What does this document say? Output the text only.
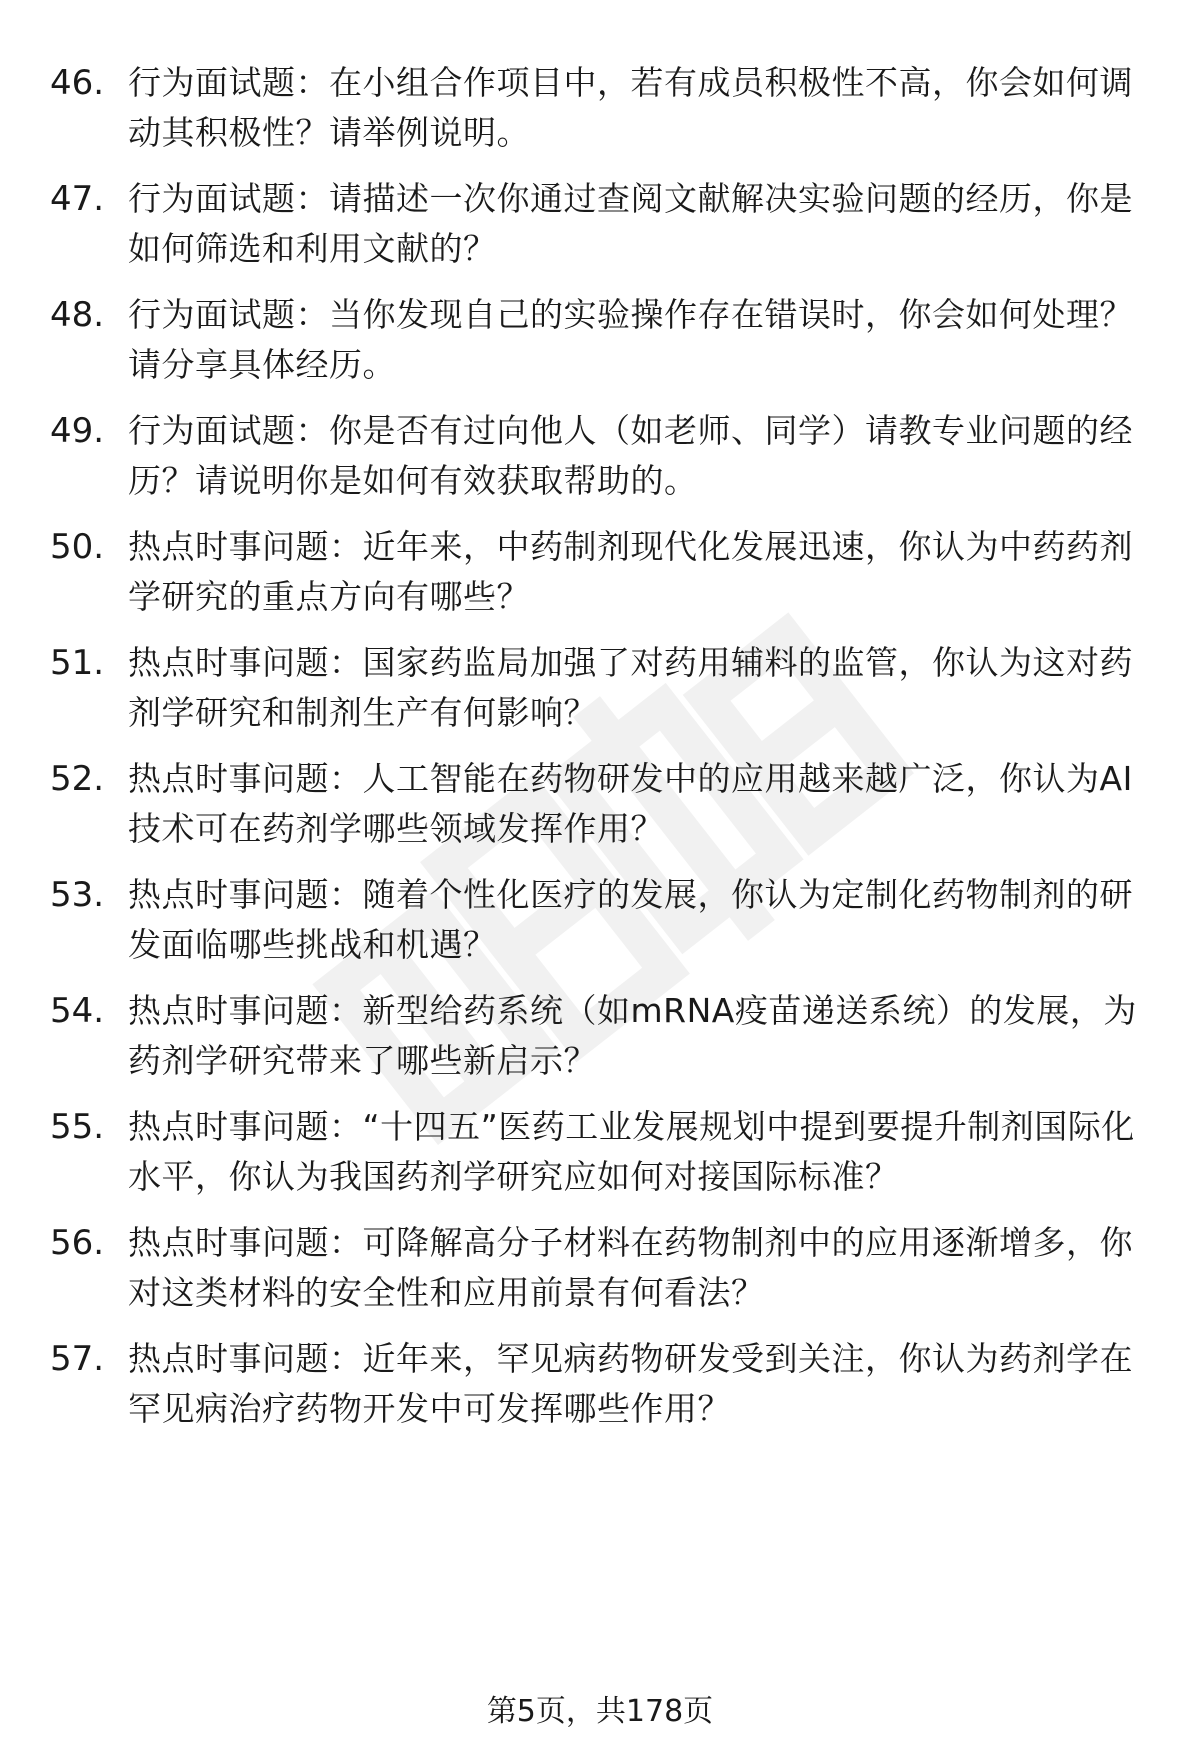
46. 行为面试题：在小组合作项目中，若有成员积极性不高，你会如何调动其积极性？请举例说明。
47. 行为面试题：请描述一次你通过查阅文献解决实验问题的经历，你是如何筛选和利用文献的？
48. 行为面试题：当你发现自己的实验操作存在错误时，你会如何处理？请分享具体经历。
49. 行为面试题：你是否有过向他人（如老师、同学）请教专业问题的经历？请说明你是如何有效获取帮助的。
50. 热点时事问题：近年来，中药制剂现代化发展迅速，你认为中药药剂学研究的重点方向有哪些？
51. 热点时事问题：国家药监局加强了对药用辅料的监管，你认为这对药剂学研究和制剂生产有何影响？
52. 热点时事问题：人工智能在药物研发中的应用越来越广泛，你认为AI技术可在药剂学哪些领域发挥作用？
53. 热点时事问题：随着个性化医疗的发展，你认为定制化药物制剂的研发面临哪些挑战和机遇？
54. 热点时事问题：新型给药系统（如mRNA疫苗递送系统）的发展，为药剂学研究带来了哪些新启示？
55. 热点时事问题：“十四五”医药工业发展规划中提到要提升制剂国际化水平，你认为我国药剂学研究应如何对接国际标准？
56. 热点时事问题：可降解高分子材料在药物制剂中的应用逐渐增多，你对这类材料的安全性和应用前景有何看法？
57. 热点时事问题：近年来，罕见病药物研发受到关注，你认为药剂学在罕见病治疗药物开发中可发挥哪些作用？
第5页，共178页
